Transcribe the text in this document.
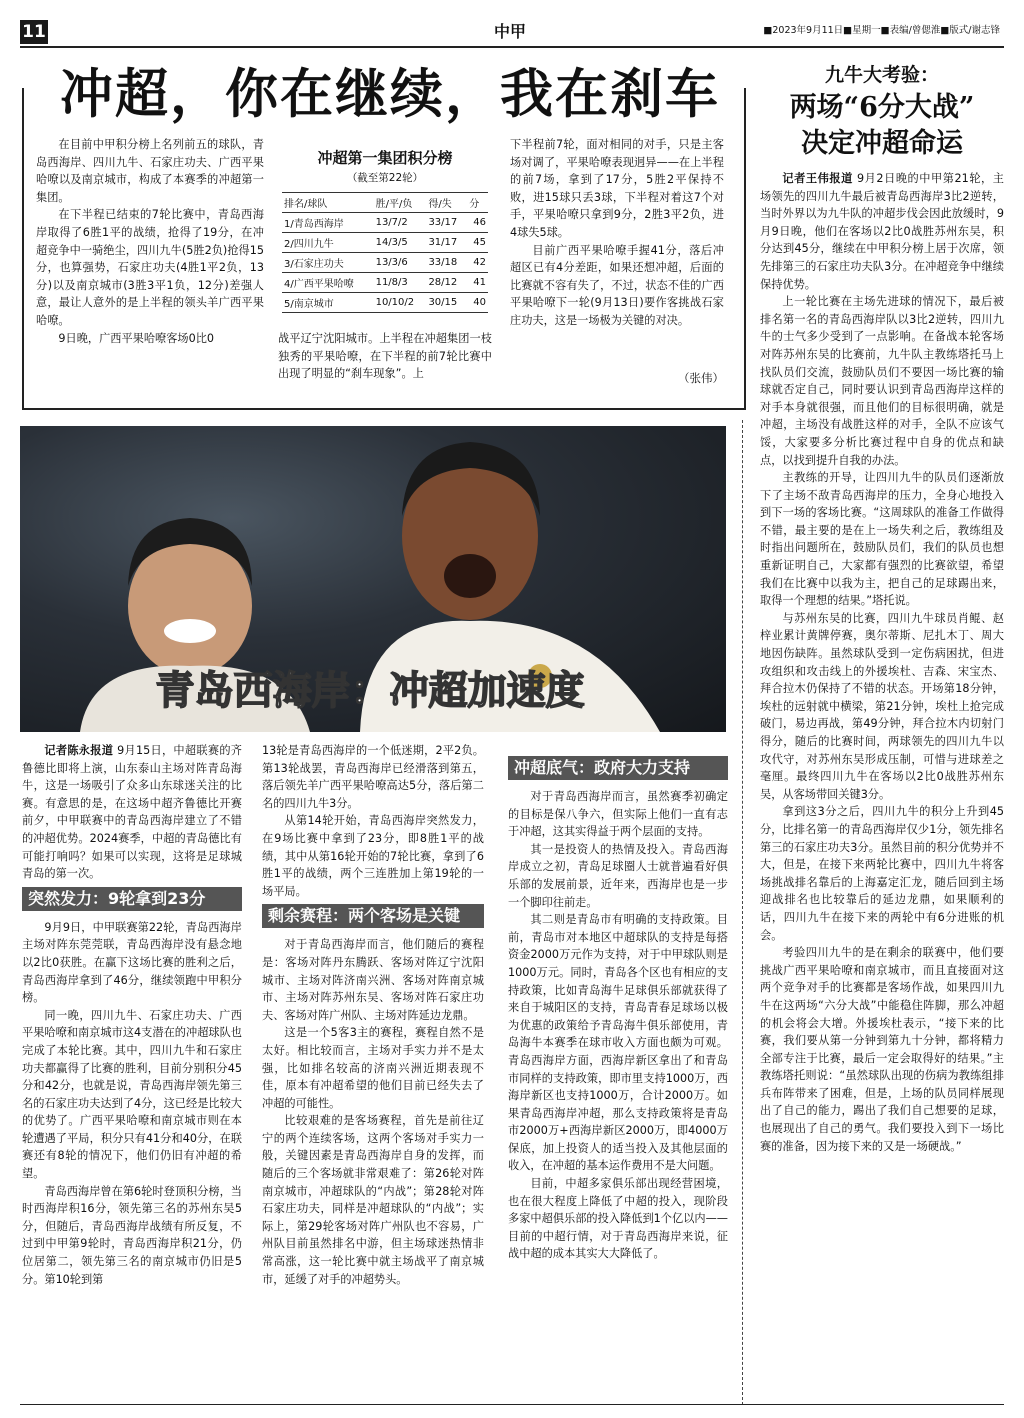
11	中甲	■2023年9月11日■星期一■表编/曾偲淮■版式/谢志锋
冲超，你在继续，我在刹车

在目前中甲积分榜上名列前五的球队，青岛西海岸、四川九牛、石家庄功夫、广西平果哈嘹以及南京城市，构成了本赛季的冲超第一集团。

在下半程已结束的7轮比赛中，青岛西海岸取得了6胜1平的战绩，抢得了19分，在冲超竞争中一骑绝尘，四川九牛(5胜2负)抢得15分，也算强势，石家庄功夫(4胜1平2负，13分)以及南京城市(3胜3平1负，12分)差强人意，最让人意外的是上半程的领头羊广西平果哈嘹。

9日晚，广西平果哈嘹客场0比0

冲超第一集团积分榜
（截至第22轮）
排名/球队	胜/平/负	得/失	分
1/青岛西海岸	13/7/2	33/17	46
2/四川九牛	14/3/5	31/17	45
3/石家庄功夫	13/3/6	33/18	42
4/广西平果哈嘹	11/8/3	28/12	41
5/南京城市	10/10/2	30/15	40

战平辽宁沈阳城市。上半程在冲超集团一枝独秀的平果哈嘹，在下半程的前7轮比赛中出现了明显的“刹车现象”。上

下半程前7轮，面对相同的对手，只是主客场对调了，平果哈嘹表现迥异——在上半程的前7场，拿到了17分，5胜2平保持不败，进15球只丢3球，下半程对着这7个对手，平果哈嘹只拿到9分，2胜3平2负，进4球失5球。

目前广西平果哈嘹手握41分，落后冲超区已有4分差距，如果还想冲超，后面的比赛就不容有失了，不过，状态不佳的广西平果哈嘹下一轮(9月13日)要作客挑战石家庄功夫，这是一场极为关键的对决。

（张伟）
九牛大考验：
两场“6分大战”
决定冲超命运

记者王伟报道 9月2日晚的中甲第21轮，主场领先的四川九牛最后被青岛西海岸3比2逆转，当时外界以为九牛队的冲超步伐会因此放缓时，9月9日晚，他们在客场以2比0战胜苏州东吴，积分达到45分，继续在中甲积分榜上居于次席，领先排第三的石家庄功夫队3分。在冲超竞争中继续保持优势。

上一轮比赛在主场先进球的情况下，最后被排名第一名的青岛西海岸队以3比2逆转，四川九牛的士气多少受到了一点影响。在备战本轮客场对阵苏州东吴的比赛前，九牛队主教练塔托马上找队员们交流，鼓励队员们不要因一场比赛的输球就否定自己，同时要认识到青岛西海岸这样的对手本身就很强，而且他们的目标很明确，就是冲超，主场没有战胜这样的对手，全队不应该气馁，大家要多分析比赛过程中自身的优点和缺点，以找到提升自我的办法。

主教练的开导，让四川九牛的队员们逐渐放下了主场不敌青岛西海岸的压力，全身心地投入到下一场的客场比赛。“这周球队的准备工作做得不错，最主要的是在上一场失利之后，教练组及时指出问题所在，鼓励队员们，我们的队员也想重新证明自己，大家都有强烈的比赛欲望，希望我们在比赛中以我为主，把自己的足球踢出来，取得一个理想的结果。”塔托说。

与苏州东吴的比赛，四川九牛球员肖鲲、赵梓业累计黄牌停赛，奥尔蒂斯、尼扎木丁、周大地因伤缺阵。虽然球队受到一定伤病困扰，但进攻组织和攻击线上的外援埃杜、吉森、宋宝杰、拜合拉木仍保持了不错的状态。开场第18分钟，埃杜的远射就中横梁，第21分钟，埃杜上抢完成破门，易边再战，第49分钟，拜合拉木内切射门得分，随后的比赛时间，两球领先的四川九牛以攻代守，对苏州东吴形成压制，可惜与进球差之毫厘。最终四川九牛在客场以2比0战胜苏州东吴，从客场带回关键3分。

拿到这3分之后，四川九牛的积分上升到45分，比排名第一的青岛西海岸仅少1分，领先排名第三的石家庄功夫3分。虽然目前的积分优势并不大，但是，在接下来两轮比赛中，四川九牛将客场挑战排名靠后的上海嘉定汇龙，随后回到主场迎战排名也比较靠后的延边龙鼎，如果顺利的话，四川九牛在接下来的两轮中有6分进账的机会。

考验四川九牛的是在剩余的联赛中，他们要挑战广西平果哈嘹和南京城市，而且直接面对这两个竞争对手的比赛都是客场作战，如果四川九牛在这两场“六分大战”中能稳住阵脚，那么冲超的机会将会大增。外援埃杜表示，“接下来的比赛，我们要从第一分钟到第九十分钟，都将精力全部专注于比赛，最后一定会取得好的结果。”主教练塔托则说：“虽然球队出现的伤病为教练组排兵布阵带来了困难，但是，上场的队员同样展现出了自己的能力，踢出了我们自己想要的足球，也展现出了自己的勇气。我们要投入到下一场比赛的准备，因为接下来的又是一场硬战。”

青岛西海岸：冲超加速度

记者陈永报道 9月15日，中超联赛的齐鲁德比即将上演，山东泰山主场对阵青岛海牛，这是一场吸引了众多山东球迷关注的比赛。有意思的是，在这场中超齐鲁德比开赛前夕，中甲联赛中的青岛西海岸建立了不错的冲超优势。2024赛季，中超的青岛德比有可能打响吗？如果可以实现，这将是足球城青岛的第一次。

突然发力：9轮拿到23分

9月9日，中甲联赛第22轮，青岛西海岸主场对阵东莞莞联，青岛西海岸没有悬念地以2比0获胜。在赢下这场比赛的胜利之后，青岛西海岸拿到了46分，继续领跑中甲积分榜。

同一晚，四川九牛、石家庄功夫、广西平果哈嘹和南京城市这4支潜在的冲超球队也完成了本轮比赛。其中，四川九牛和石家庄功夫都赢得了比赛的胜利，目前分别积分45分和42分，也就是说，青岛西海岸领先第三名的石家庄功夫达到了4分，这已经是比较大的优势了。广西平果哈嘹和南京城市则在本轮遭遇了平局，积分只有41分和40分，在联赛还有8轮的情况下，他们仍旧有冲超的希望。

青岛西海岸曾在第6轮时登顶积分榜，当时西海岸积16分，领先第三名的苏州东吴5分，但随后，青岛西海岸战绩有所反复，不过到中甲第9轮时，青岛西海岸积21分，仍位居第二，领先第三名的南京城市仍旧是5分。第10轮到第

13轮是青岛西海岸的一个低迷期，2平2负。第13轮战罢，青岛西海岸已经滑落到第五，落后领先羊广西平果哈嘹高达5分，落后第二名的四川九牛3分。

从第14轮开始，青岛西海岸突然发力，在9场比赛中拿到了23分，即8胜1平的战绩，其中从第16轮开始的7轮比赛，拿到了6胜1平的战绩，两个三连胜加上第19轮的一场平局。

剩余赛程：两个客场是关键

对于青岛西海岸而言，他们随后的赛程是：客场对阵丹东腾跃、客场对阵辽宁沈阳城市、主场对阵济南兴洲、客场对阵南京城市、主场对阵苏州东吴、客场对阵石家庄功夫、客场对阵广州队、主场对阵延边龙鼎。

这是一个5客3主的赛程，赛程自然不是太好。相比较而言，主场对手实力并不是太强，比如排名较高的济南兴洲近期表现不佳，原本有冲超希望的他们目前已经失去了冲超的可能性。

比较艰难的是客场赛程，首先是前往辽宁的两个连续客场，这两个客场对手实力一般，关键因素是青岛西海岸自身的发挥，而随后的三个客场就非常艰难了：第26轮对阵南京城市，冲超球队的“内战”；第28轮对阵石家庄功夫，同样是冲超球队的“内战”；实际上，第29轮客场对阵广州队也不容易，广州队目前虽然排名中游，但主场球迷热情非常高涨，这一轮比赛中就主场战平了南京城市，延缓了对手的冲超势头。

冲超底气：政府大力支持

对于青岛西海岸而言，虽然赛季初确定的目标是保八争六，但实际上他们一直有志于冲超，这其实得益于两个层面的支持。

其一是投资人的热情及投入。青岛西海岸成立之初，青岛足球圈人士就普遍看好俱乐部的发展前景，近年来，西海岸也是一步一个脚印往前走。

其二则是青岛市有明确的支持政策。目前，青岛市对本地区中超球队的支持是每搭资金2000万元作为支持，对于中甲球队则是1000万元。同时，青岛各个区也有相应的支持政策，比如青岛海牛足球俱乐部就获得了来自于城阳区的支持，青岛青春足球场以极为优惠的政策给予青岛海牛俱乐部使用，青岛海牛本赛季在球市收入方面也颇为可观。青岛西海岸方面，西海岸新区拿出了和青岛市同样的支持政策，即市里支持1000万，西海岸新区也支持1000万，合计2000万。如果青岛西海岸冲超，那么支持政策将是青岛市2000万+西海岸新区2000万，即4000万保底，加上投资人的适当投入及其他层面的收入，在冲超的基本运作费用不是大问题。

目前，中超多家俱乐部出现经营困境，也在很大程度上降低了中超的投入，现阶段多家中超俱乐部的投入降低到1个亿以内——目前的中超行情，对于青岛西海岸来说，征战中超的成本其实大大降低了。
